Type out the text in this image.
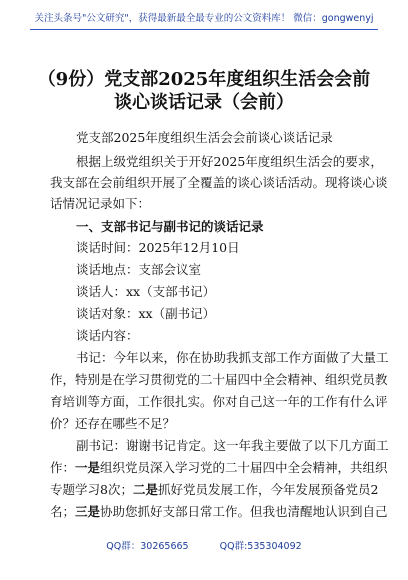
关注头条号"公文研究"，获得最新最全最专业的公文资料库！ 微信：gongwenyj
（9份）党支部2025年度组织生活会会前
谈心谈话记录（会前）
党支部2025年度组织生活会会前谈心谈话记录
根据上级党组织关于开好2025年度组织生活会的要求，
我支部在会前组织开展了全覆盖的谈心谈话活动。现将谈心谈
话情况记录如下：
一、支部书记与副书记的谈话记录
谈话时间：2025年12月10日
谈话地点：支部会议室
谈话人：xx（支部书记）
谈话对象：xx（副书记）
谈话内容：
书记：今年以来，你在协助我抓支部工作方面做了大量工
作，特别是在学习贯彻党的二十届四中全会精神、组织党员教
育培训等方面，工作很扎实。你对自己这一年的工作有什么评
价？还存在哪些不足？
副书记：谢谢书记肯定。这一年我主要做了以下几方面工
作：一是组织党员深入学习党的二十届四中全会精神，共组织
专题学习8次；二是抓好党员发展工作，今年发展预备党员2
名；三是协助您抓好支部日常工作。但我也清醒地认识到自己
QQ群：30265665	QQ群:535304092
